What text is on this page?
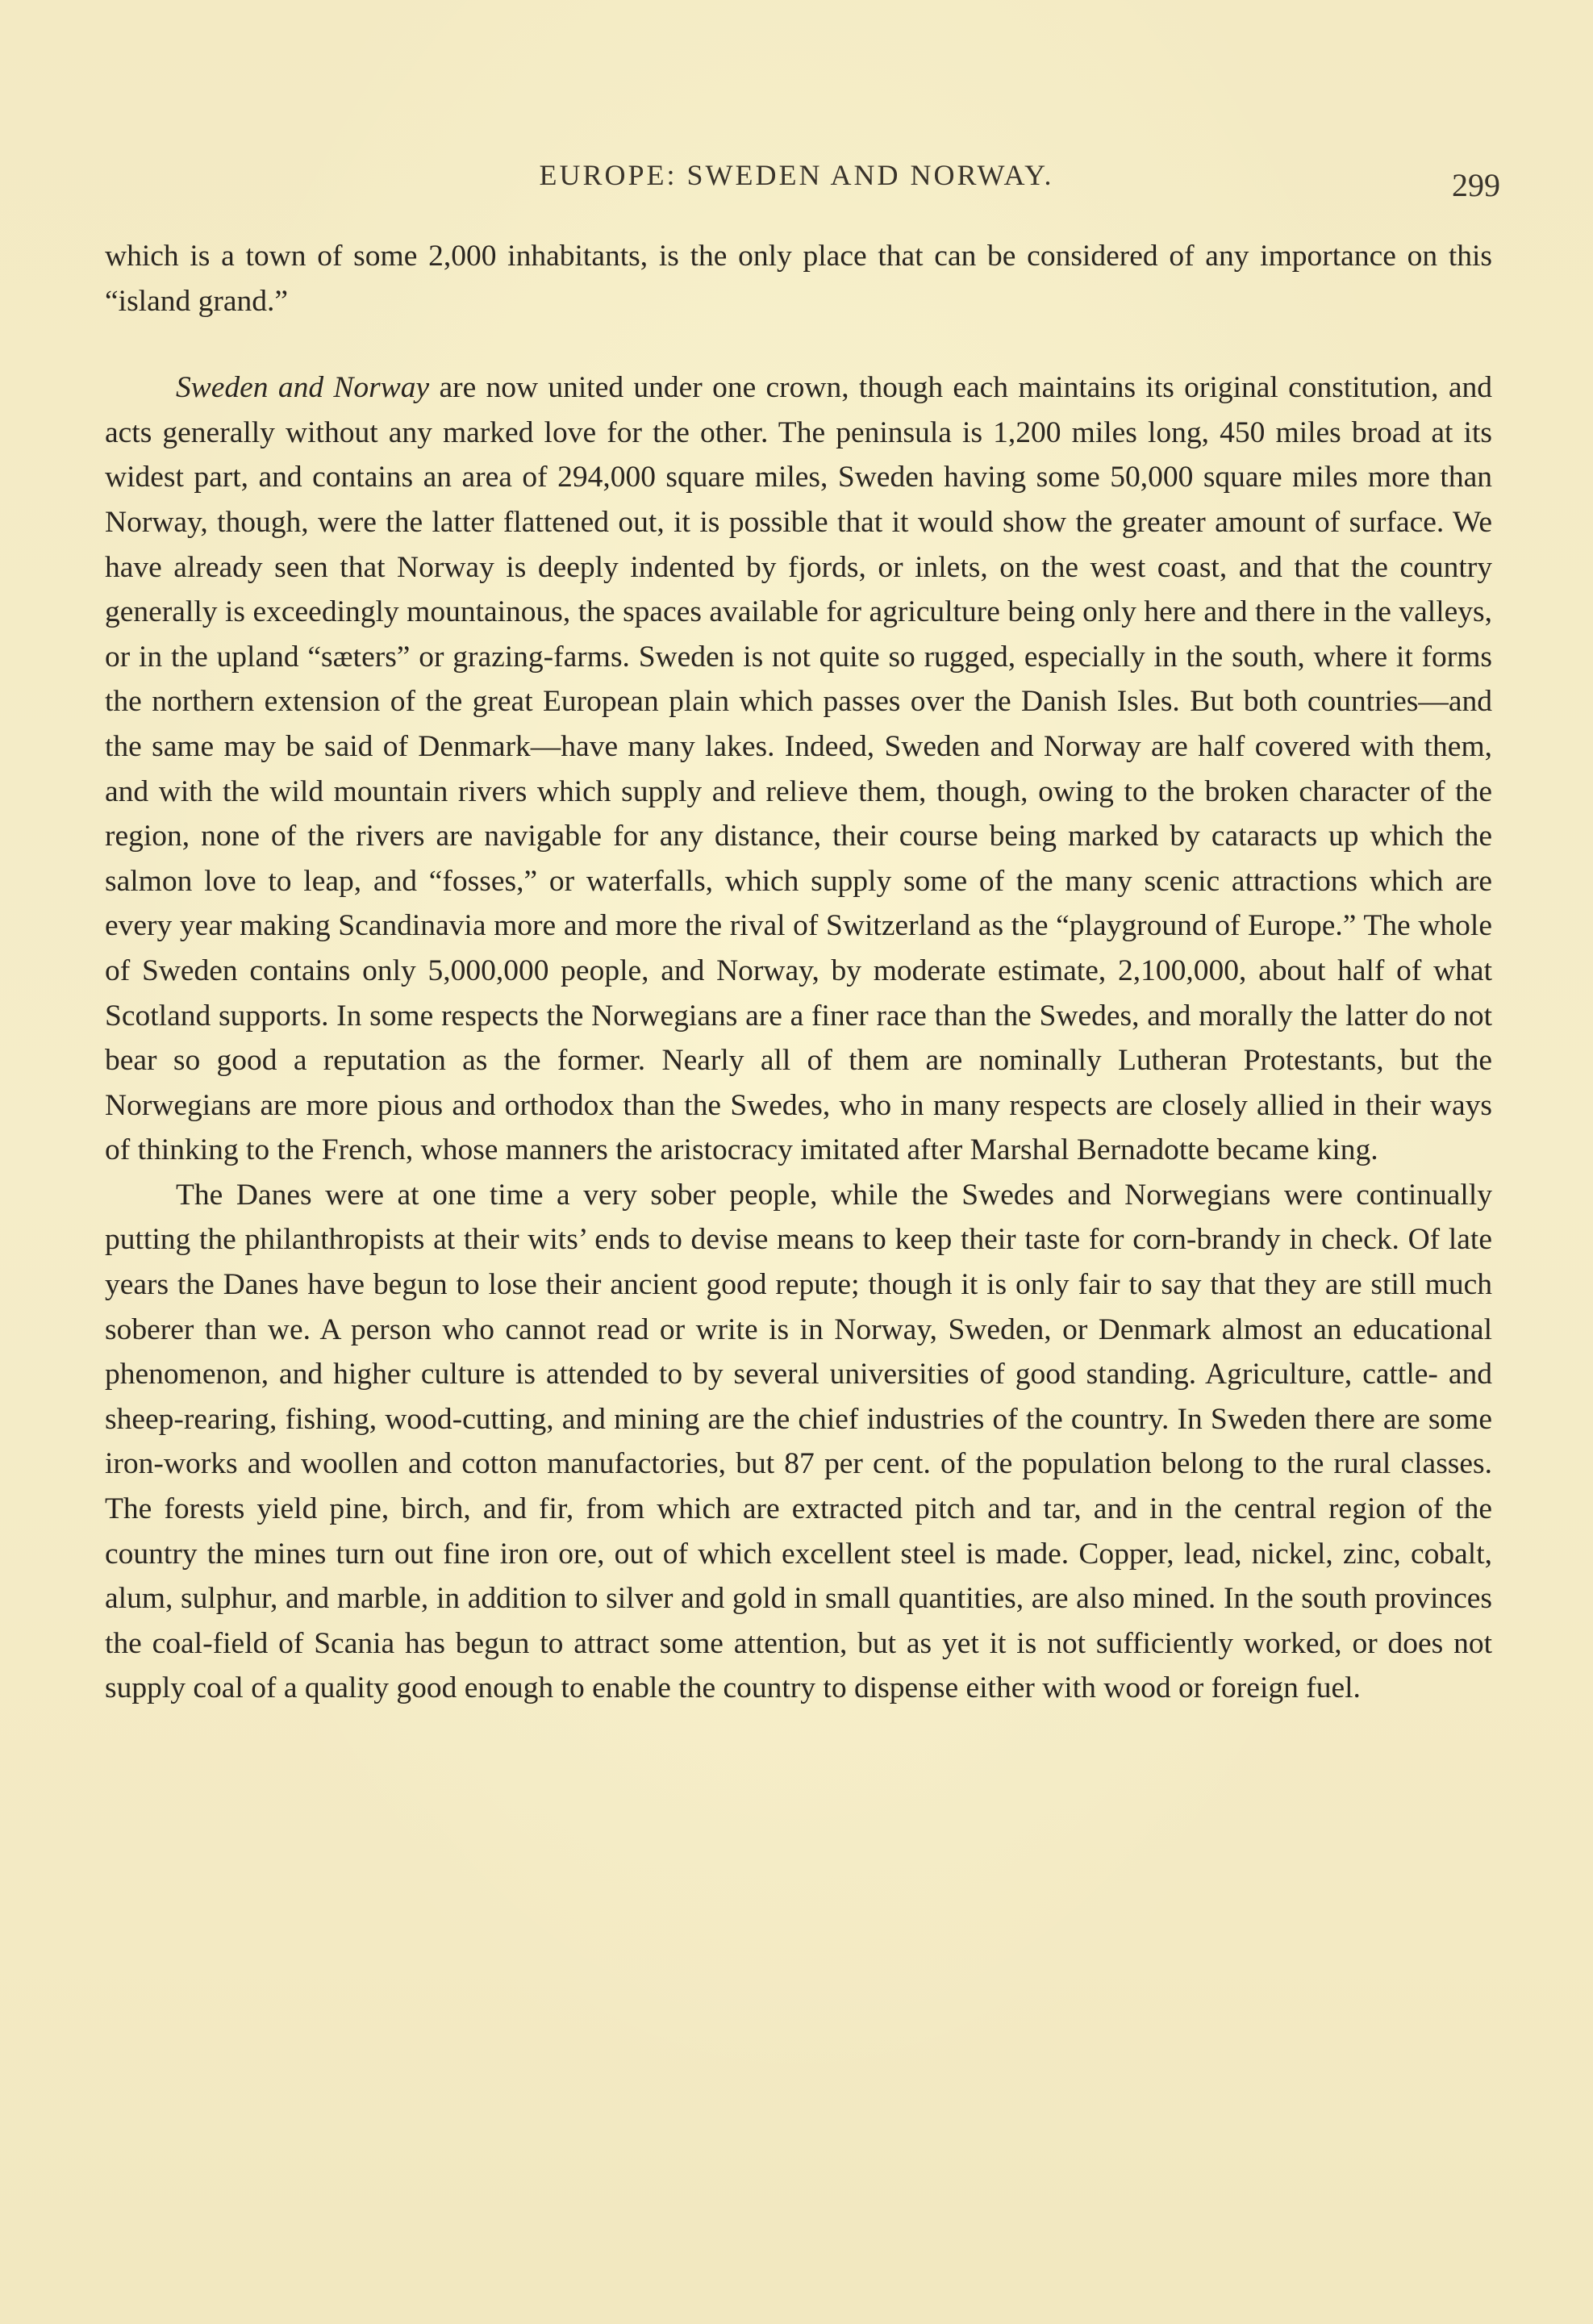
EUROPE: SWEDEN AND NORWAY.	299

which is a town of some 2,000 inhabitants, is the only place that can be considered of any importance on this “island grand.”

Sweden and Norway are now united under one crown, though each maintains its original constitution, and acts generally without any marked love for the other. The peninsula is 1,200 miles long, 450 miles broad at its widest part, and contains an area of 294,000 square miles, Sweden having some 50,000 square miles more than Norway, though, were the latter flattened out, it is possible that it would show the greater amount of surface. We have already seen that Norway is deeply indented by fjords, or inlets, on the west coast, and that the country generally is exceedingly mountainous, the spaces available for agriculture being only here and there in the valleys, or in the upland “sæters” or grazing-farms. Sweden is not quite so rugged, especially in the south, where it forms the northern extension of the great European plain which passes over the Danish Isles. But both countries—and the same may be said of Denmark—have many lakes. Indeed, Sweden and Norway are half covered with them, and with the wild mountain rivers which supply and relieve them, though, owing to the broken character of the region, none of the rivers are navigable for any distance, their course being marked by cataracts up which the salmon love to leap, and “fosses,” or waterfalls, which supply some of the many scenic attractions which are every year making Scandinavia more and more the rival of Switzerland as the “playground of Europe.” The whole of Sweden contains only 5,000,000 people, and Norway, by moderate estimate, 2,100,000, about half of what Scotland supports. In some respects the Norwegians are a finer race than the Swedes, and morally the latter do not bear so good a reputation as the former. Nearly all of them are nominally Lutheran Protestants, but the Norwegians are more pious and orthodox than the Swedes, who in many respects are closely allied in their ways of thinking to the French, whose manners the aristocracy imitated after Marshal Bernadotte became king.

The Danes were at one time a very sober people, while the Swedes and Norwegians were continually putting the philanthropists at their wits’ ends to devise means to keep their taste for corn-brandy in check. Of late years the Danes have begun to lose their ancient good repute; though it is only fair to say that they are still much soberer than we. A person who cannot read or write is in Norway, Sweden, or Denmark almost an educational phenomenon, and higher culture is attended to by several universities of good standing. Agriculture, cattle- and sheep-rearing, fishing, wood-cutting, and mining are the chief industries of the country. In Sweden there are some iron-works and woollen and cotton manufactories, but 87 per cent. of the population belong to the rural classes. The forests yield pine, birch, and fir, from which are extracted pitch and tar, and in the central region of the country the mines turn out fine iron ore, out of which excellent steel is made. Copper, lead, nickel, zinc, cobalt, alum, sulphur, and marble, in addition to silver and gold in small quantities, are also mined. In the south provinces the coal-field of Scania has begun to attract some attention, but as yet it is not sufficiently worked, or does not supply coal of a quality good enough to enable the country to dispense either with wood or foreign fuel.
